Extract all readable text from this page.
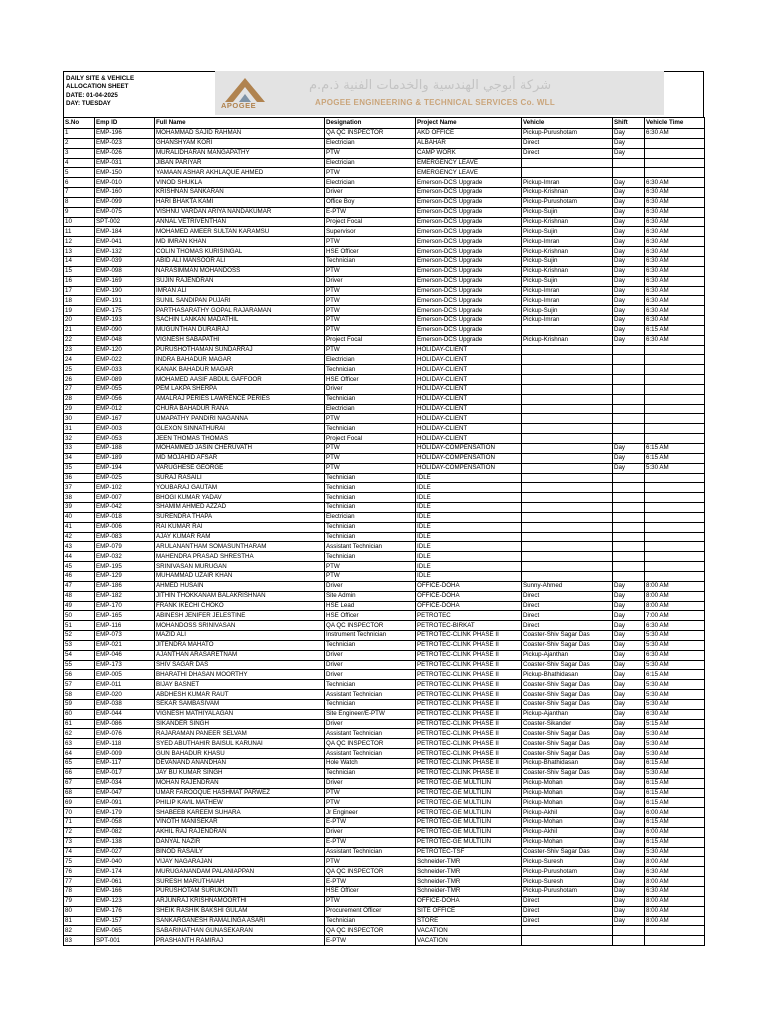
DAILY SITE & VEHICLE
ALLOCATION SHEET
DATE: 01-04-2025
DAY: TUESDAY	APOGEE
شركة أبوجي الهندسية والخدمات الفنية ذ.م.م
APOGEE ENGINEERING & TECHNICAL SERVICES Co. WLL
S.No	Emp ID	Full Name	Designation	Project Name	Vehicle	Shift	Vehicle Time
1	EMP-196	MOHAMMAD SAJID RAHMAN	QA QC INSPECTOR	AKD OFFICE	Pickup-Purushotam	Day	6:30 AM
2	EMP-023	GHANSHYAM KORI	Electrician	ALBAHAR	Direct	Day	
3	EMP-026	MURALIDHARAN MANGAPATHY	PTW	CAMP WORK	Direct	Day	
4	EMP-031	JIBAN PARIYAR	Electrician	EMERGENCY LEAVE			
5	EMP-150	YAMAAN ASHAR AKHLAQUE AHMED	PTW	EMERGENCY LEAVE			
6	EMP-010	VINOD SHUKLA	Electrician	Emerson-DCS Upgrade	Pickup-Imran	Day	6:30 AM
7	EMP-160	KRISHNAN SANKARAN	Driver	Emerson-DCS Upgrade	Pickup-Krishnan	Day	6:30 AM
8	EMP-099	HARI BHAKTA KAMI	Office Boy	Emerson-DCS Upgrade	Pickup-Purushotam	Day	6:30 AM
9	EMP-075	VISHNU VARDAN ARIYA NANDAKUMAR	E-PTW	Emerson-DCS Upgrade	Pickup-Sujin	Day	6:30 AM
10	SPT-002	ANNAL VETRIVENTHAN	Project Focal	Emerson-DCS Upgrade	Pickup-Krishnan	Day	6:30 AM
11	EMP-184	MOHAMED AMEER SULTAN KARAMSU	Supervisor	Emerson-DCS Upgrade	Pickup-Sujin	Day	6:30 AM
12	EMP-041	MD IMRAN KHAN	PTW	Emerson-DCS Upgrade	Pickup-Imran	Day	6:30 AM
13	EMP-132	COLIN THOMAS KURISINGAL	HSE Officer	Emerson-DCS Upgrade	Pickup-Krishnan	Day	6:30 AM
14	EMP-039	ABID ALI MANSOOR ALI	Technician	Emerson-DCS Upgrade	Pickup-Sujin	Day	6:30 AM
15	EMP-098	NARASIMMAN MOHANDOSS	PTW	Emerson-DCS Upgrade	Pickup-Krishnan	Day	6:30 AM
16	EMP-169	SUJIN RAJENDRAN	Driver	Emerson-DCS Upgrade	Pickup-Sujin	Day	6:30 AM
17	EMP-190	IMRAN ALI	PTW	Emerson-DCS Upgrade	Pickup-Imran	Day	6:30 AM
18	EMP-191	SUNIL SANDIPAN PUJARI	PTW	Emerson-DCS Upgrade	Pickup-Imran	Day	6:30 AM
19	EMP-175	PARTHASARATHY GOPAL RAJARAMAN	PTW	Emerson-DCS Upgrade	Pickup-Sujin	Day	6:30 AM
20	EMP-193	SACHIN LANKAN MADATHIL	PTW	Emerson-DCS Upgrade	Pickup-Imran	Day	6:30 AM
21	EMP-090	MUGUNTHAN DURAIRAJ	PTW	Emerson-DCS Upgrade		Day	6:15 AM
22	EMP-048	VIGNESH SABAPATHI	Project Focal	Emerson-DCS Upgrade	Pickup-Krishnan	Day	6:30 AM
23	EMP-120	PURUSHOTHAMAN SUNDARRAJ	PTW	HOLIDAY-CLIENT			
24	EMP-022	INDRA BAHADUR MAGAR	Electrician	HOLIDAY-CLIENT			
25	EMP-033	KANAK BAHADUR MAGAR	Technician	HOLIDAY-CLIENT			
26	EMP-089	MOHAMED AASIF ABDUL GAFFOOR	HSE Officer	HOLIDAY-CLIENT			
27	EMP-055	PEM LAKPA SHERPA	Driver	HOLIDAY-CLIENT			
28	EMP-056	AMALRAJ PERIES LAWRENCE PERIES	Technician	HOLIDAY-CLIENT			
29	EMP-012	CHURA BAHADUR RANA	Electrician	HOLIDAY-CLIENT			
30	EMP-167	UMAPATHY PANDIRI NAGANNA	PTW	HOLIDAY-CLIENT			
31	EMP-003	GLEXON SINNATHURAI	Technician	HOLIDAY-CLIENT			
32	EMP-053	JEEN THOMAS THOMAS	Project Focal	HOLIDAY-CLIENT			
33	EMP-188	MOHAMMED JASIN CHERUVATH	PTW	HOLIDAY-COMPENSATION		Day	6:15 AM
34	EMP-189	MD MOJAHID AFSAR	PTW	HOLIDAY-COMPENSATION		Day	6:15 AM
35	EMP-194	VARUGHESE GEORGE	PTW	HOLIDAY-COMPENSATION		Day	5:30 AM
36	EMP-025	SURAJ RASAILI	Technician	IDLE			
37	EMP-102	YOUBARAJ GAUTAM	Technician	IDLE			
38	EMP-007	BHOGI KUMAR YADAV	Technician	IDLE			
39	EMP-042	SHAMIM AHMED AZZAD	Technician	IDLE			
40	EMP-018	SURENDRA THAPA	Electrician	IDLE			
41	EMP-006	RAI KUMAR RAI	Technician	IDLE			
42	EMP-083	AJAY KUMAR RAM	Technician	IDLE			
43	EMP-079	ARULANANTHAM SOMASUNTHARAM	Assistant Technician	IDLE			
44	EMP-032	MAHENDRA PRASAD SHRESTHA	Technician	IDLE			
45	EMP-195	SRINIVASAN MURUGAN	PTW	IDLE			
46	EMP-129	MUHAMMAD UZAIR KHAN	PTW	IDLE			
47	EMP-186	AHMED HUSAIN	Driver	OFFICE-DOHA	Sunny-Ahmed	Day	8:00 AM
48	EMP-182	JITHIN THOKKANAM BALAKRISHNAN	Site Admin	OFFICE-DOHA	Direct	Day	8:00 AM
49	EMP-170	FRANK IKECHI CHOKO	HSE Lead	OFFICE-DOHA	Direct	Day	8:00 AM
50	EMP-165	ABINESH JENIFER JELESTINE	HSE Officer	PETROTEC	Direct	Day	7:00 AM
51	EMP-116	MOHANDOSS SRINIVASAN	QA QC INSPECTOR	PETROTEC-BIRKAT	Direct	Day	6:30 AM
52	EMP-073	MAZID ALI	Instrument Technician	PETROTEC-CLINK PHASE II	Coaster-Shiv Sagar Das	Day	5:30 AM
53	EMP-021	JITENDRA MAHATO	Technician	PETROTEC-CLINK PHASE II	Coaster-Shiv Sagar Das	Day	5:30 AM
54	EMP-046	AJANTHAN ARASARETNAM	Driver	PETROTEC-CLINK PHASE II	Pickup-Ajanthan	Day	6:30 AM
55	EMP-173	SHIV SAGAR DAS	Driver	PETROTEC-CLINK PHASE II	Coaster-Shiv Sagar Das	Day	5:30 AM
56	EMP-005	BHARATHI DHASAN MOORTHY	Driver	PETROTEC-CLINK PHASE II	Pickup-Bhathidasan	Day	6:15 AM
57	EMP-011	BIJAY BASNET	Technician	PETROTEC-CLINK PHASE II	Coaster-Shiv Sagar Das	Day	5:30 AM
58	EMP-020	ABDHESH KUMAR RAUT	Assistant Technician	PETROTEC-CLINK PHASE II	Coaster-Shiv Sagar Das	Day	5:30 AM
59	EMP-038	SEKAR SAMBASIVAM	Technician	PETROTEC-CLINK PHASE II	Coaster-Shiv Sagar Das	Day	5:30 AM
60	EMP-044	VIGNESH MATHIYALAGAN	Site Engineer/E-PTW	PETROTEC-CLINK PHASE II	Pickup-Ajanthan	Day	6:30 AM
61	EMP-086	SIKANDER SINGH	Driver	PETROTEC-CLINK PHASE II	Coaster-Sikander	Day	5:15 AM
62	EMP-076	RAJARAMAN PANEER SELVAM	Assistant Technician	PETROTEC-CLINK PHASE II	Coaster-Shiv Sagar Das	Day	5:30 AM
63	EMP-118	SYED ABUTHAHIR BAISUL KARUNAI	QA QC INSPECTOR	PETROTEC-CLINK PHASE II	Coaster-Shiv Sagar Das	Day	5:30 AM
64	EMP-009	GUN BAHADUR KHASU	Assistant Technician	PETROTEC-CLINK PHASE II	Coaster-Shiv Sagar Das	Day	5:30 AM
65	EMP-117	DEVANAND ANANDHAN	Hole Watch	PETROTEC-CLINK PHASE II	Pickup-Bhathidasan	Day	6:15 AM
66	EMP-017	JAY BU KUMAR SINGH	Technician	PETROTEC-CLINK PHASE II	Coaster-Shiv Sagar Das	Day	5:30 AM
67	EMP-034	MOHAN RAJENDRAN	Driver	PETROTEC-GE MULTILIN	Pickup-Mohan	Day	6:15 AM
68	EMP-047	UMAR FAROOQUE HASHMAT PARWEZ	PTW	PETROTEC-GE MULTILIN	Pickup-Mohan	Day	6:15 AM
69	EMP-091	PHILIP KAVIL MATHEW	PTW	PETROTEC-GE MULTILIN	Pickup-Mohan	Day	6:15 AM
70	EMP-179	SHABEEB KAREEM SUHARA	Jr Engineer	PETROTEC-GE MULTILIN	Pickup-Akhil	Day	6:00 AM
71	EMP-058	VINOTH MANISEKAR	E-PTW	PETROTEC-GE MULTILIN	Pickup-Mohan	Day	6:15 AM
72	EMP-082	AKHIL RAJ RAJENDRAN	Driver	PETROTEC-GE MULTILIN	Pickup-Akhil	Day	6:00 AM
73	EMP-138	DANYAL NAZIR	E-PTW	PETROTEC-GE MULTILIN	Pickup-Mohan	Day	6:15 AM
74	EMP-027	BINOD RASAILY	Assistant Technician	PETROTEC-TSF	Coaster-Shiv Sagar Das	Day	5:30 AM
75	EMP-040	VIJAY NAGARAJAN	PTW	Schneider-TMR	Pickup-Suresh	Day	8:00 AM
76	EMP-174	MURUGANANDAM PALANIAPPAN	QA QC INSPECTOR	Schneider-TMR	Pickup-Purushotam	Day	6:30 AM
77	EMP-061	SURESH MARUTHAIAH	E-PTW	Schneider-TMR	Pickup-Suresh	Day	8:00 AM
78	EMP-166	PURUSHOTAM SURUKONTI	HSE Officer	Schneider-TMR	Pickup-Purushotam	Day	6:30 AM
79	EMP-123	ARJUNRAJ KRISHNAMOORTHI	PTW	OFFICE-DOHA	Direct	Day	8:00 AM
80	EMP-176	SHEIK RASHIK BAKSHI GULAM	Procurement Officer	SITE OFFICE	Direct	Day	8:00 AM
81	EMP-157	SANKARGANESH RAMALINGA ASARI	Technician	STORE	Direct	Day	8:00 AM
82	EMP-065	SABARINATHAN GUNASEKARAN	QA QC INSPECTOR	VACATION			
83	SPT-001	PRASHANTH RAMIRAJ	E-PTW	VACATION			
